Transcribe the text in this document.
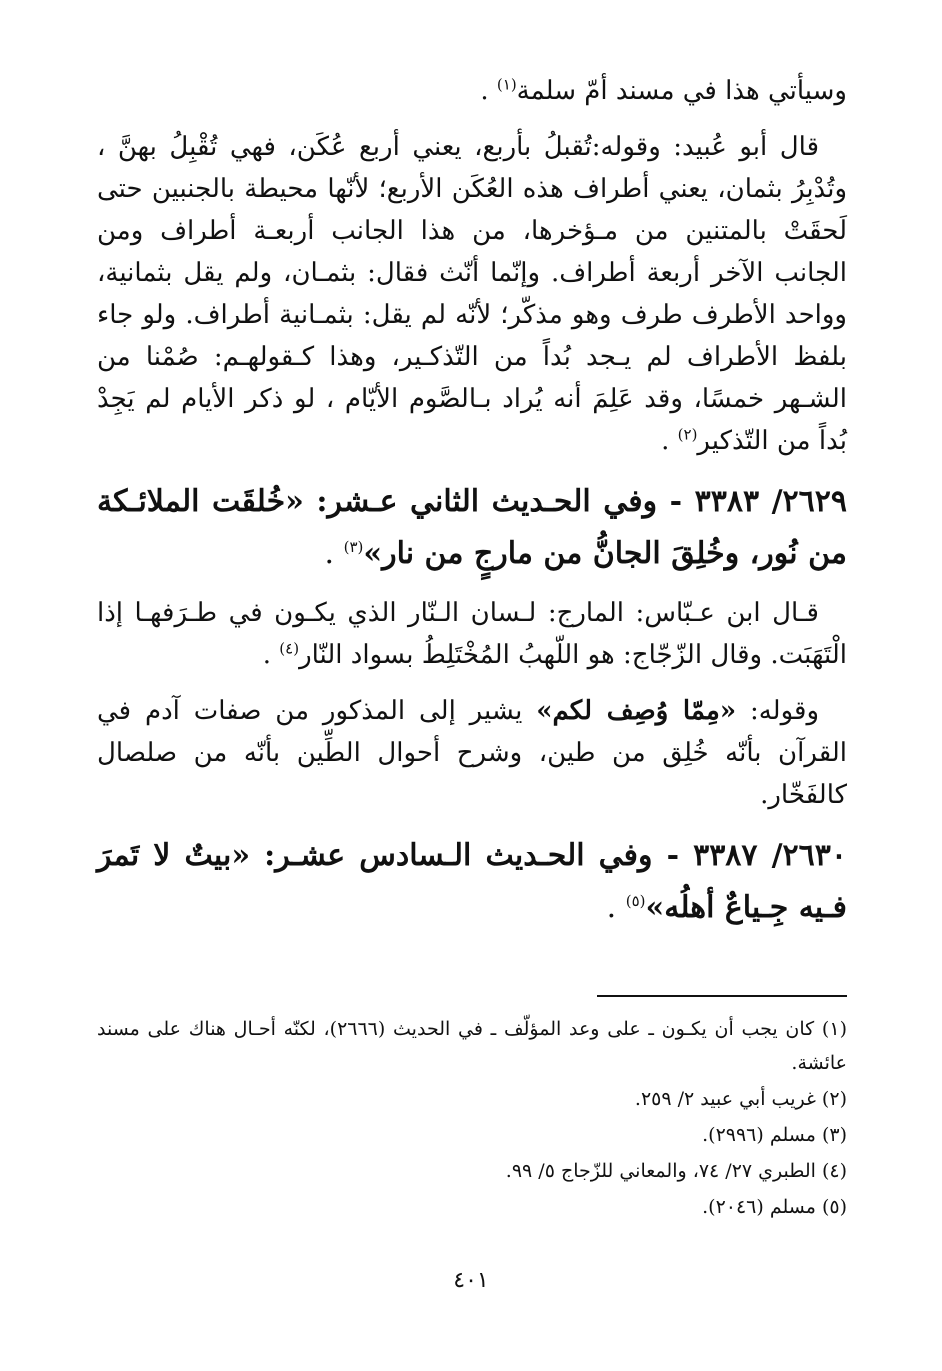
وسيأتي هذا في مسند أمّ سلمة$^{(١)}$ .

قال أبو عُبيد: وقوله:تُقبلُ بأربع، يعني أربع عُكَن، فهي تُقْبِلُ بهنَّ ، وتُدْبِرُ بثمان، يعني أطراف هذه العُكَن الأربع؛ لأنّها محيطة بالجنبين حتى لَحقَتْ بالمتنين من مـؤخرها، من هذا الجانب أربعـة أطراف ومن الجانب الآخر أربعة أطراف. وإنّما أنّث فقال: بثمـان، ولم يقل بثمانية، وواحد الأطرف طرف وهو مذكّر؛ لأنّه لم يقل: بثمـانية أطراف. ولو جاء بلفظ الأطراف لم يـجد بُداً من التّذكـير، وهذا كـقولهـم: صُمْنا من الشـهر خمسًا، وقد عَلِمَ أنه يُراد بـالصَّوم الأيّام ، لو ذكر الأيام لم يَجِدْ بُداً من التّذكير$^{(٢)}$ .

٢٦٢٩/ ٣٣٨٣ - وفي الحـديث الثاني عـشر: «خُلقَت الملائـكة من نُور، وخُلِقَ الجانُّ من مارجٍ من نار»$^{(٣)}$ .

قـال ابن عـبّاس: المارج: لـسان الـنّار الذي يكـون في طـرَفهـا إذا الْتَهَبَت. وقال الزّجّاج: هو اللّهبُ المُخْتَلِطُ بسواد النّار$^{(٤)}$ .

وقوله: «مِمّا وُصِف لكم» يشير إلى المذكور من صفات آدم في القرآن بأنّه خُلِق من طين، وشرح أحوال الطِّين بأنّه من صلصال كالفَخّار.

٢٦٣٠/ ٣٣٨٧ - وفي الحـديث الـسادس عشـر: «بيتٌ لا تَمرَ فـيه جِـياعٌ أهلُه»$^{(٥)}$ .

(١) كان يجب أن يكـون ـ على وعد المؤلّف ـ في الحديث (٢٦٦٦)، لكنّه أحـال هناك على مسند عائشة.

(٢) غريب أبي عبيد ٢/ ٢٥٩.

(٣) مسلم (٢٩٩٦).

(٤) الطبري ٢٧/ ٧٤، والمعاني للزّجاج ٥/ ٩٩.

(٥) مسلم (٢٠٤٦).

٤٠١
